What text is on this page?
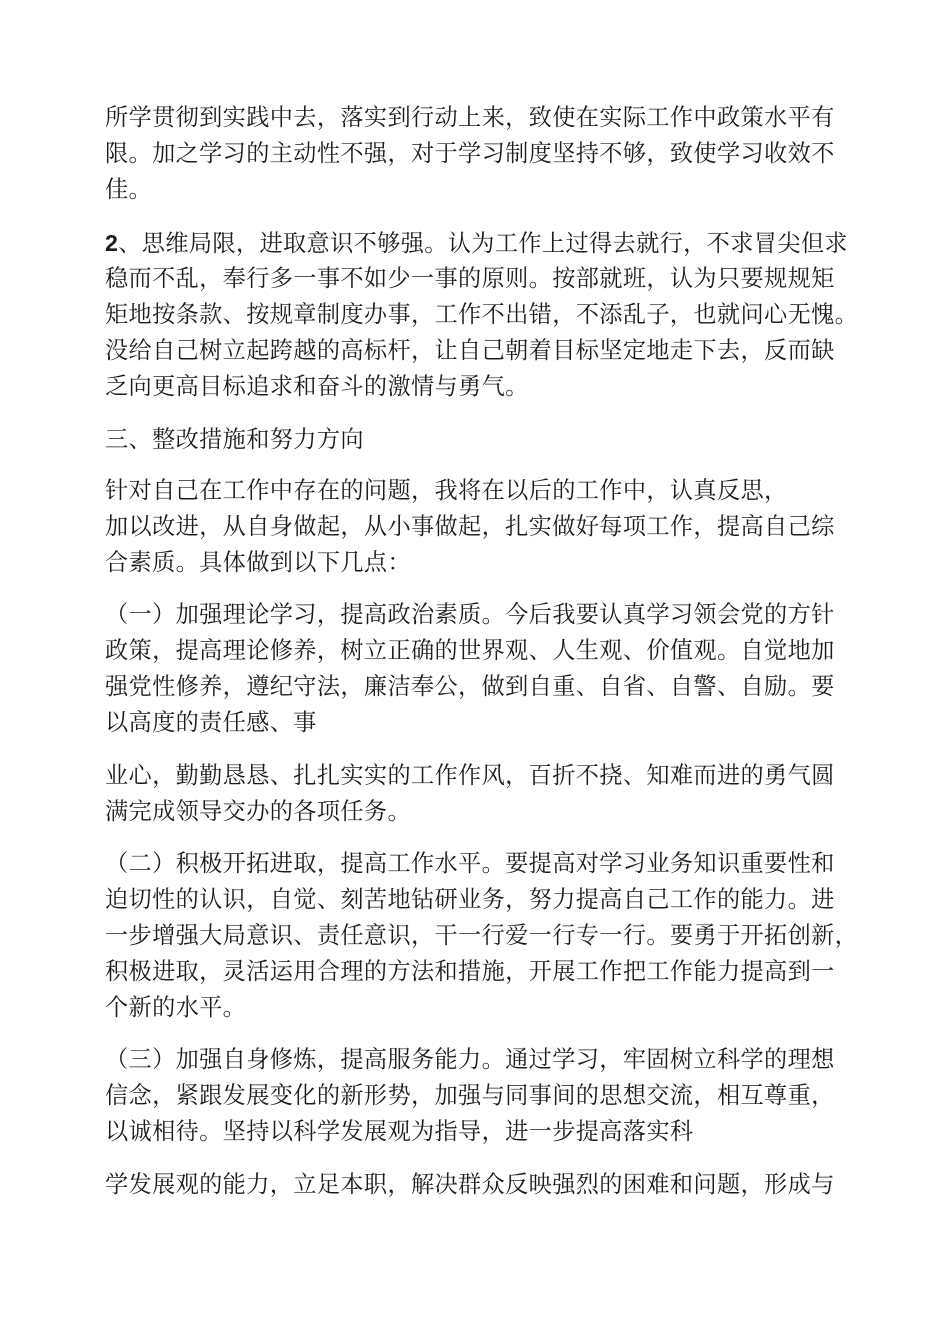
所学贯彻到实践中去，落实到行动上来，致使在实际工作中政策水平有
限。加之学习的主动性不强，对于学习制度坚持不够，致使学习收效不
佳。
2、思维局限，进取意识不够强。认为工作上过得去就行，不求冒尖但求
稳而不乱，奉行多一事不如少一事的原则。按部就班，认为只要规规矩
矩地按条款、按规章制度办事，工作不出错，不添乱子，也就问心无愧。
没给自己树立起跨越的高标杆，让自己朝着目标坚定地走下去，反而缺
乏向更高目标追求和奋斗的激情与勇气。
三、整改措施和努力方向
针对自己在工作中存在的问题，我将在以后的工作中，认真反思，
加以改进，从自身做起，从小事做起，扎实做好每项工作，提高自己综
合素质。具体做到以下几点：
（一）加强理论学习，提高政治素质。今后我要认真学习领会党的方针
政策，提高理论修养，树立正确的世界观、人生观、价值观。自觉地加
强党性修养，遵纪守法，廉洁奉公，做到自重、自省、自警、自励。要
以高度的责任感、事
业心，勤勤恳恳、扎扎实实的工作作风，百折不挠、知难而进的勇气圆
满完成领导交办的各项任务。
（二）积极开拓进取，提高工作水平。要提高对学习业务知识重要性和
迫切性的认识，自觉、刻苦地钻研业务，努力提高自己工作的能力。进
一步增强大局意识、责任意识，干一行爱一行专一行。要勇于开拓创新，
积极进取，灵活运用合理的方法和措施，开展工作把工作能力提高到一
个新的水平。
（三）加强自身修炼，提高服务能力。通过学习，牢固树立科学的理想
信念，紧跟发展变化的新形势，加强与同事间的思想交流，相互尊重，
以诚相待。坚持以科学发展观为指导，进一步提高落实科
学发展观的能力，立足本职，解决群众反映强烈的困难和问题，形成与
